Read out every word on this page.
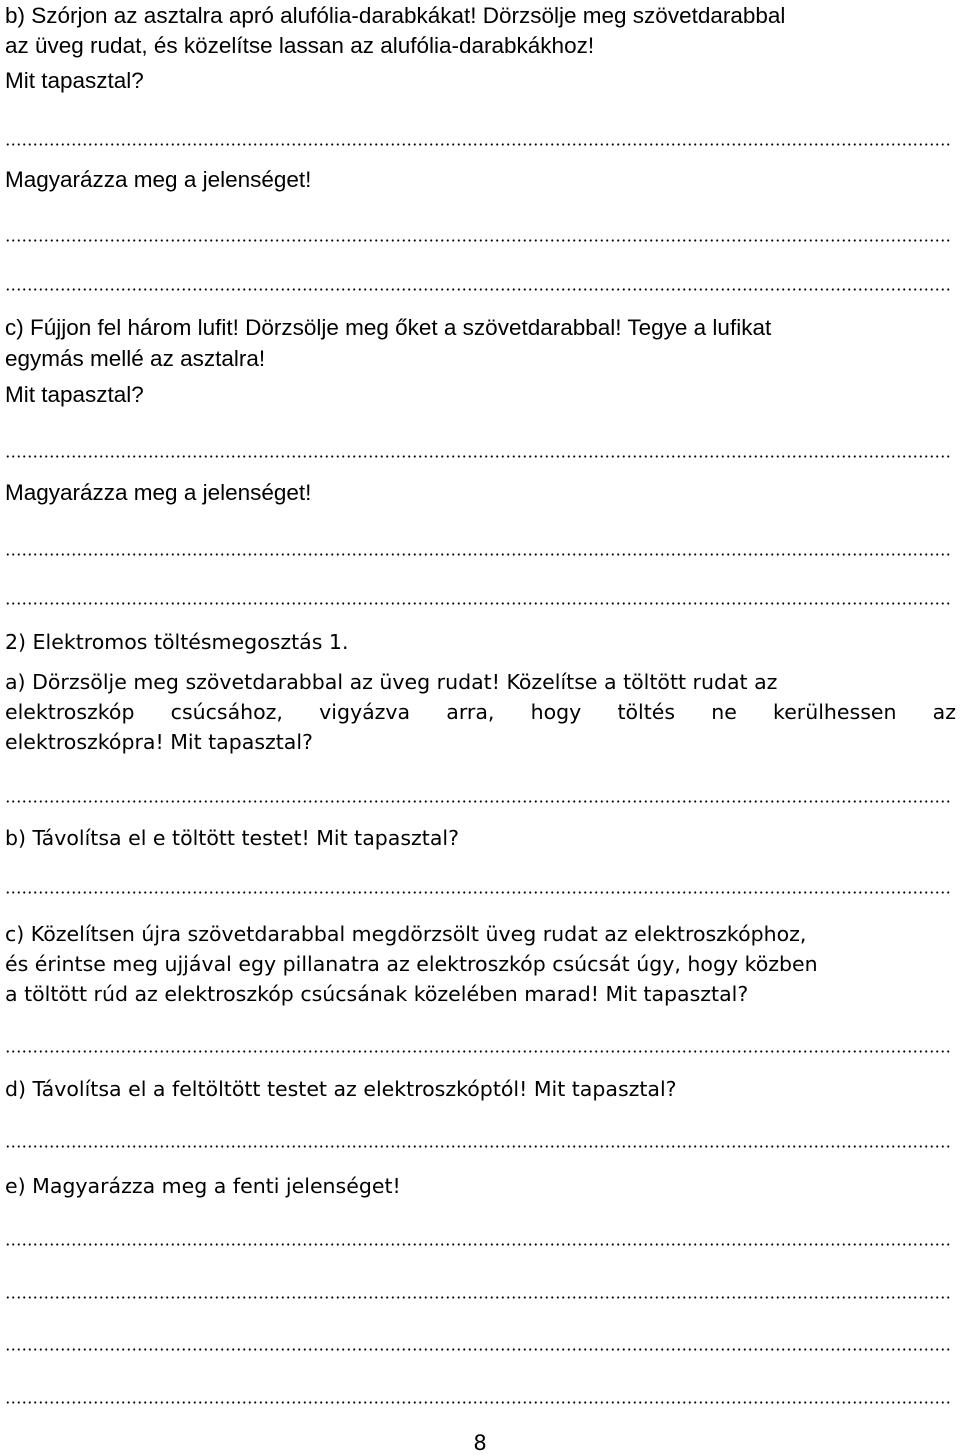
b) Szórjon az asztalra apró alufólia-darabkákat! Dörzsölje meg szövetdarabbal
az üveg rudat, és közelítse lassan az alufólia-darabkákhoz!
Mit tapasztal?
Magyarázza meg a jelenséget!
c) Fújjon fel három lufit! Dörzsölje meg őket a szövetdarabbal! Tegye a lufikat
egymás mellé az asztalra!
Mit tapasztal?
Magyarázza meg a jelenséget!
2) Elektromos töltésmegosztás 1.
a) Dörzsölje meg szövetdarabbal az üveg rudat! Közelítse a töltött rudat az
elektroszkóp csúcsához, vigyázva arra, hogy töltés ne kerülhessen az
elektroszkópra! Mit tapasztal?
b) Távolítsa el e töltött testet! Mit tapasztal?
c) Közelítsen újra szövetdarabbal megdörzsölt üveg rudat az elektroszkóphoz,
és érintse meg ujjával egy pillanatra az elektroszkóp csúcsát úgy, hogy közben
a töltött rúd az elektroszkóp csúcsának közelében marad! Mit tapasztal?
d) Távolítsa el a feltöltött testet az elektroszkóptól! Mit tapasztal?
e) Magyarázza meg a fenti jelenséget!
8
